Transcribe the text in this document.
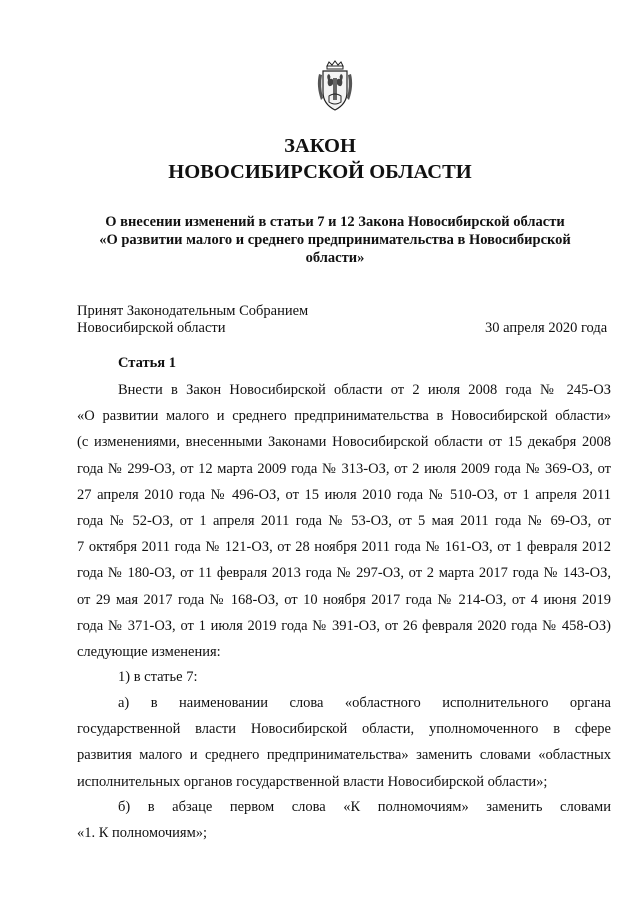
ЗАКОН
НОВОСИБИРСКОЙ ОБЛАСТИ
О внесении изменений в статьи 7 и 12 Закона Новосибирской области
«О развитии малого и среднего предпринимательства в Новосибирской
области»
Принят Законодательным Собранием
Новосибирской области	30 апреля 2020 года
Статья 1
Внести в Закон Новосибирской области от 2 июля 2008 года № 245-ОЗ
«О развитии малого и среднего предпринимательства в Новосибирской области»
(с изменениями, внесенными Законами Новосибирской области от 15 декабря 2008
года № 299-ОЗ, от 12 марта 2009 года № 313-ОЗ, от 2 июля 2009 года № 369-ОЗ, от
27 апреля 2010 года № 496-ОЗ, от 15 июля 2010 года № 510-ОЗ, от 1 апреля 2011
года № 52-ОЗ, от 1 апреля 2011 года № 53-ОЗ, от 5 мая 2011 года № 69-ОЗ, от
7 октября 2011 года № 121-ОЗ, от 28 ноября 2011 года № 161-ОЗ, от 1 февраля 2012
года № 180-ОЗ, от 11 февраля 2013 года № 297-ОЗ, от 2 марта 2017 года № 143-ОЗ,
от 29 мая 2017 года № 168-ОЗ, от 10 ноября 2017 года № 214-ОЗ, от 4 июня 2019
года № 371-ОЗ, от 1 июля 2019 года № 391-ОЗ, от 26 февраля 2020 года № 458-ОЗ)
следующие изменения:
1) в статье 7:
а) в наименовании слова «областного исполнительного органа
государственной власти Новосибирской области, уполномоченного в сфере
развития малого и среднего предпринимательства» заменить словами «областных
исполнительных органов государственной власти Новосибирской области»;
б) в абзаце первом слова «К полномочиям» заменить словами
«1. К полномочиям»;
